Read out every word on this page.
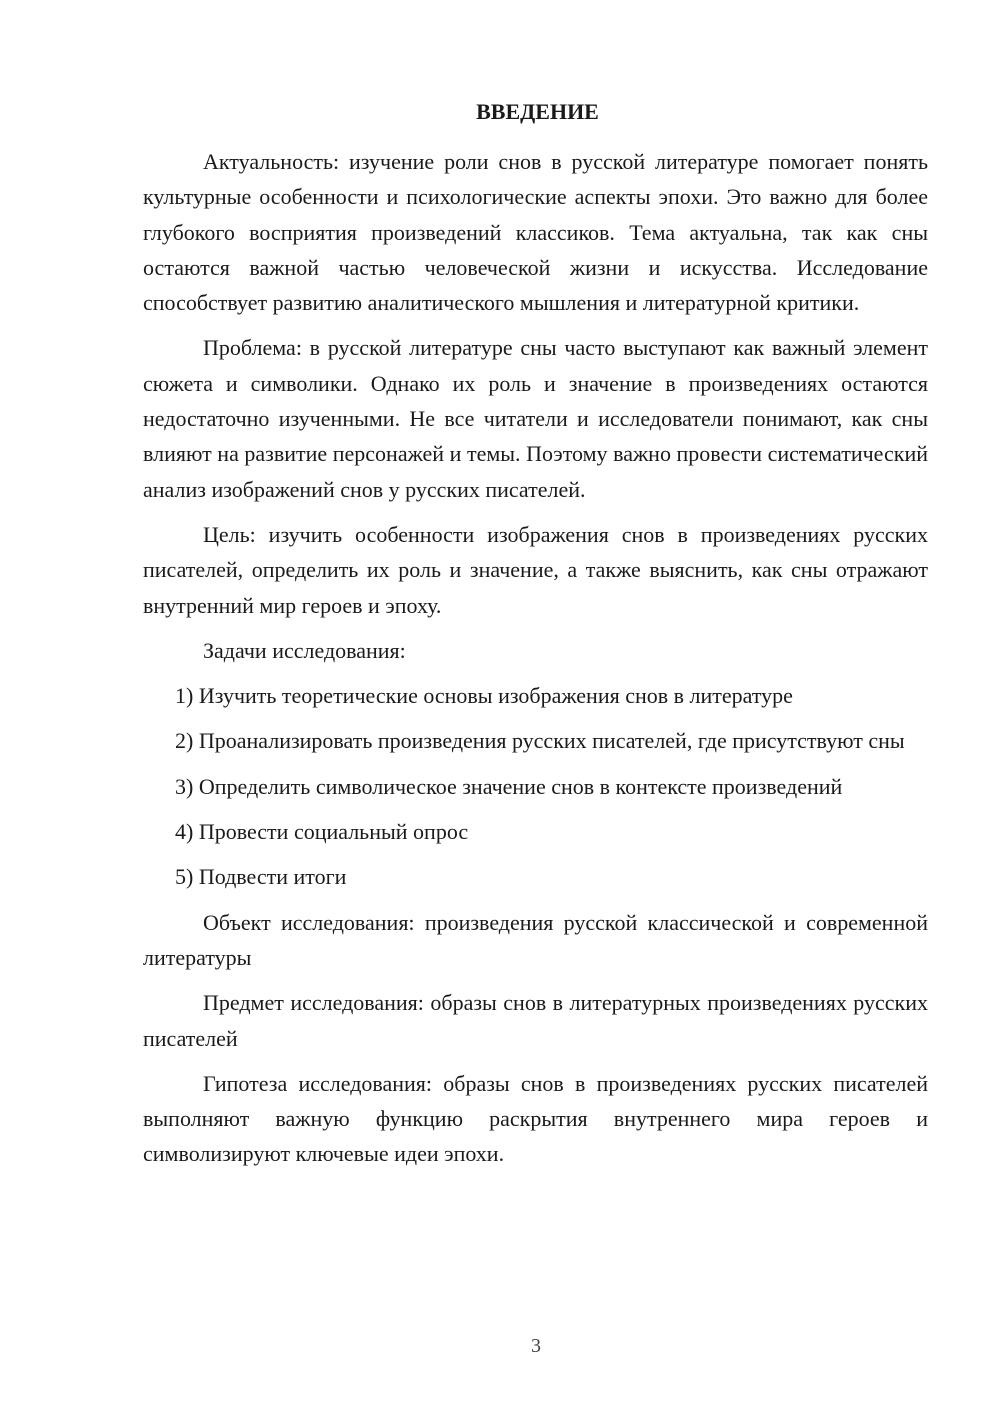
ВВЕДЕНИЕ

Актуальность: изучение роли снов в русской литературе помогает понять культурные особенности и психологические аспекты эпохи. Это важно для более глубокого восприятия произведений классиков. Тема актуальна, так как сны остаются важной частью человеческой жизни и искусства. Исследование способствует развитию аналитического мышления и литературной критики.

Проблема: в русской литературе сны часто выступают как важный элемент сюжета и символики. Однако их роль и значение в произведениях остаются недостаточно изученными. Не все читатели и исследователи понимают, как сны влияют на развитие персонажей и темы. Поэтому важно провести систематический анализ изображений снов у русских писателей.

Цель: изучить особенности изображения снов в произведениях русских писателей, определить их роль и значение, а также выяснить, как сны отражают внутренний мир героев и эпоху.

Задачи исследования:

1) Изучить теоретические основы изображения снов в литературе

2) Проанализировать произведения русских писателей, где присутствуют сны

3) Определить символическое значение снов в контексте произведений

4) Провести социальный опрос

5) Подвести итоги

Объект исследования: произведения русской классической и современной литературы

Предмет исследования: образы снов в литературных произведениях русских писателей

Гипотеза исследования: образы снов в произведениях русских писателей выполняют важную функцию раскрытия внутреннего мира героев и символизируют ключевые идеи эпохи.

3
